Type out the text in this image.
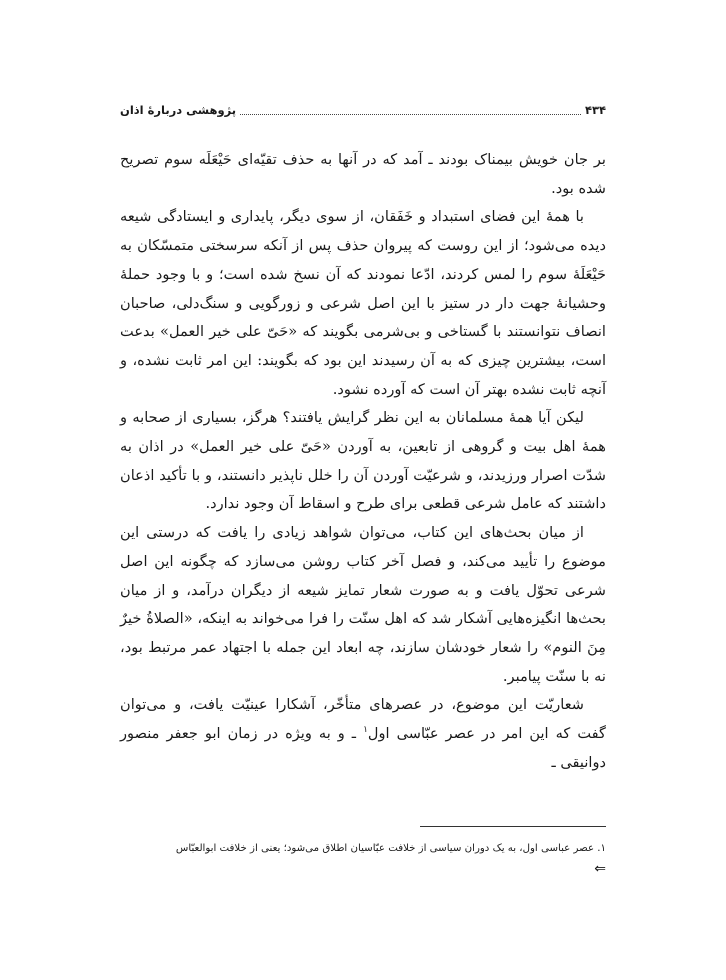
۴۳۴
پژوهشی دربارهٔ اذان

بر جان خویش بیمناک بودند ـ آمد که در آنها به حذف تقیّه‌ای حَیْعَلَه سوم تصریح شده بود.

با همهٔ این فضای استبداد و خَفَقان، از سوی دیگر، پایداری و ایستادگی شیعه دیده می‌شود؛ از این روست که پیروان حذف پس از آنکه سرسختی متمسّکان به حَیْعَلَهٔ سوم را لمس کردند، ادّعا نمودند که آن نسخ شده است؛ و با وجود حملهٔ وحشیانهٔ جهت دار در ستیز با این اصل شرعی و زورگویی و سنگ‌دلی، صاحبان انصاف نتوانستند با گستاخی و بی‌شرمی بگویند که «حَیّ علی خیر العمل» بدعت است، بیشترین چیزی که به آن رسیدند این بود که بگویند: این امر ثابت نشده، و آنچه ثابت نشده بهتر آن است که آورده نشود.

لیکن آیا همهٔ مسلمانان به این نظر گرایش یافتند؟ هرگز، بسیاری از صحابه و همهٔ اهل بیت و گروهی از تابعین، به آوردن «حَیّ علی خیر العمل» در اذان به شدّت اصرار ورزیدند، و شرعیّت آوردن آن را خلل ناپذیر دانستند، و با تأکید اذعان داشتند که عامل شرعی قطعی برای طرح و اسقاط آن وجود ندارد.

از میان بحث‌های این کتاب، می‌توان شواهد زیادی را یافت که درستی این موضوع را تأیید می‌کند، و فصل آخر کتاب روشن می‌سازد که چگونه این اصل شرعی تحوّل یافت و به صورت شعار تمایز شیعه از دیگران درآمد، و از میان بحث‌ها انگیزه‌هایی آشکار شد که اهل سنّت را فرا می‌خواند به اینکه، «الصلاةُ خیرٌ مِنَ النوم» را شعار خودشان سازند، چه ابعاد این جمله با اجتهاد عمر مرتبط بود، نه با سنّت پیامبر.

شعاریّت این موضوع، در عصرهای متأخّر، آشکارا عینیّت یافت، و می‌توان گفت که این امر در عصر عبّاسی اول$^۱$ ـ و به ویژه در زمان ابو جعفر منصور دوانیقی ـ

۱. عصر عباسی اول، به یک دوران سیاسی از خلافت عبّاسیان اطلاق می‌شود؛ یعنی از خلافت ابوالعبّاس
⇐
